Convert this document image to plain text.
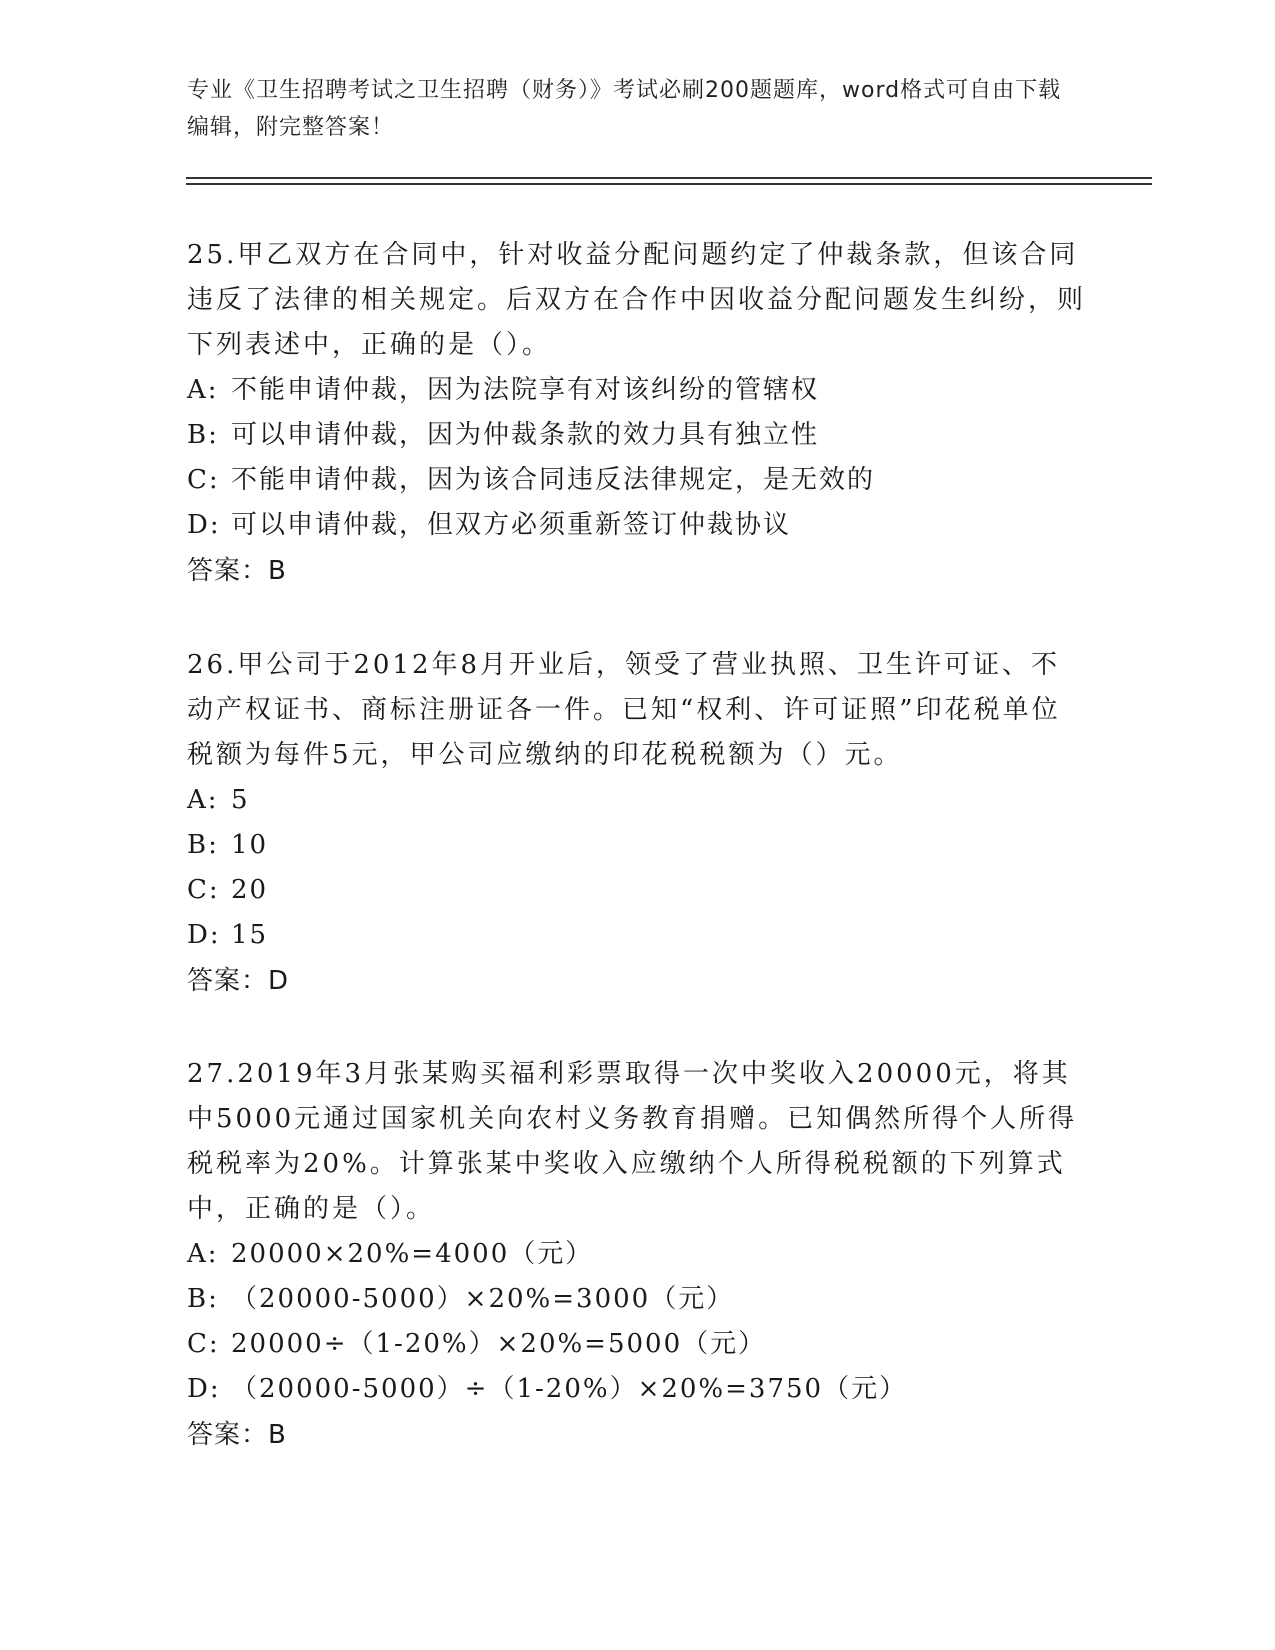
专业《卫生招聘考试之卫生招聘（财务）》考试必刷200题题库，word格式可自由下载编辑，附完整答案！

25.甲乙双方在合同中，针对收益分配问题约定了仲裁条款，但该合同违反了法律的相关规定。后双方在合作中因收益分配问题发生纠纷，则下列表述中，正确的是（）。

A: 不能申请仲裁，因为法院享有对该纠纷的管辖权

B: 可以申请仲裁，因为仲裁条款的效力具有独立性

C: 不能申请仲裁，因为该合同违反法律规定，是无效的

D: 可以申请仲裁，但双方必须重新签订仲裁协议

答案：B

26.甲公司于2012年8月开业后，领受了营业执照、卫生许可证、不动产权证书、商标注册证各一件。已知“权利、许可证照”印花税单位税额为每件5元，甲公司应缴纳的印花税税额为（）元。

A: 5

B: 10

C: 20

D: 15

答案：D

27.2019年3月张某购买福利彩票取得一次中奖收入20000元，将其中5000元通过国家机关向农村义务教育捐赠。已知偶然所得个人所得税税率为20%。计算张某中奖收入应缴纳个人所得税税额的下列算式中，正确的是（）。

A: 20000×20%=4000（元）

B: （20000-5000）×20%=3000（元）

C: 20000÷（1-20%）×20%=5000（元）

D: （20000-5000）÷（1-20%）×20%=3750（元）

答案：B
